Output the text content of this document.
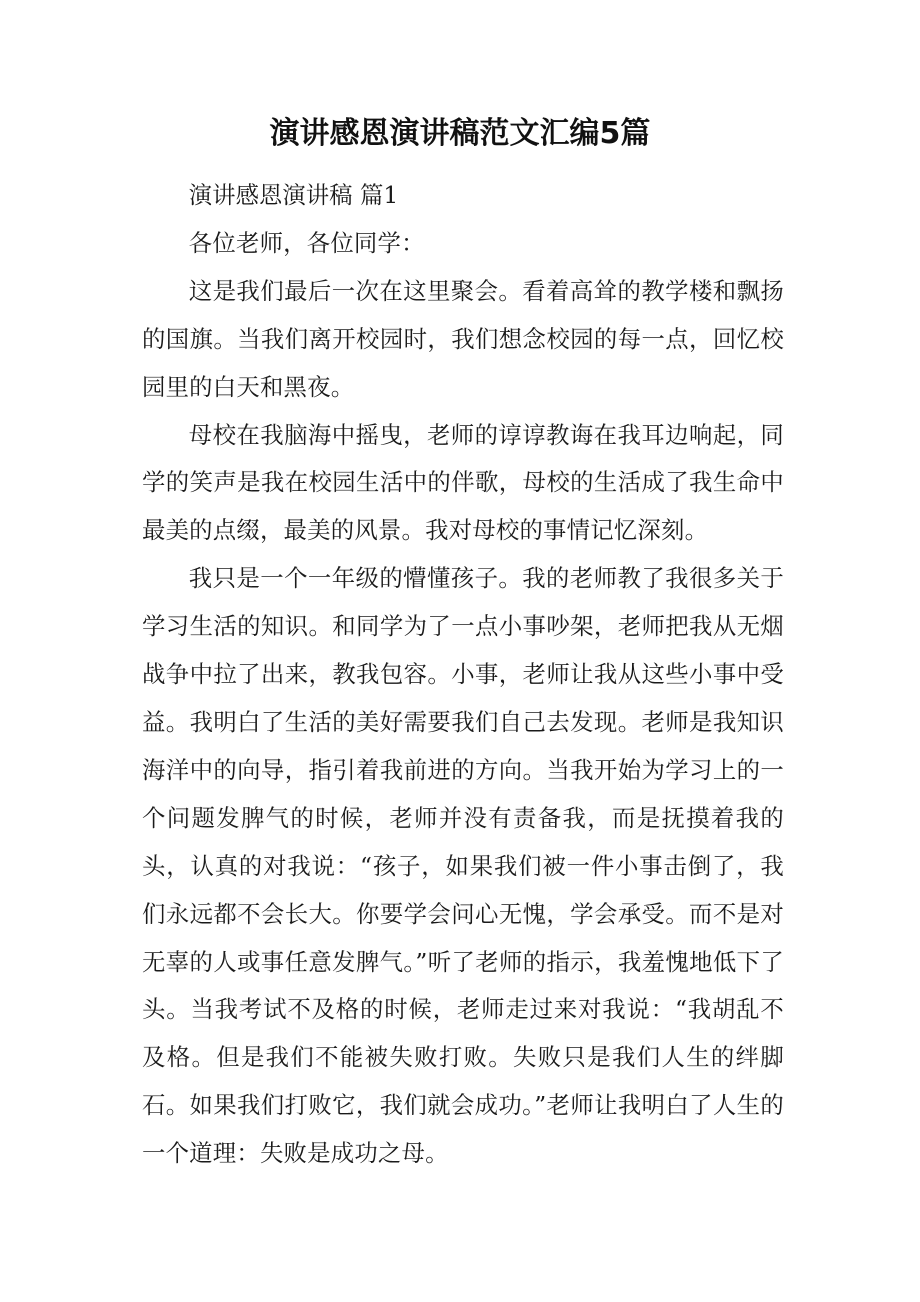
演讲感恩演讲稿范文汇编5篇

演讲感恩演讲稿 篇1

各位老师，各位同学：

这是我们最后一次在这里聚会。看着高耸的教学楼和飘扬的国旗。当我们离开校园时，我们想念校园的每一点，回忆校园里的白天和黑夜。

母校在我脑海中摇曳，老师的谆谆教诲在我耳边响起，同学的笑声是我在校园生活中的伴歌，母校的生活成了我生命中最美的点缀，最美的风景。我对母校的事情记忆深刻。

我只是一个一年级的懵懂孩子。我的老师教了我很多关于学习生活的知识。和同学为了一点小事吵架，老师把我从无烟战争中拉了出来，教我包容。小事，老师让我从这些小事中受益。我明白了生活的美好需要我们自己去发现。老师是我知识海洋中的向导，指引着我前进的方向。当我开始为学习上的一个问题发脾气的时候，老师并没有责备我，而是抚摸着我的头，认真的对我说：“孩子，如果我们被一件小事击倒了，我们永远都不会长大。你要学会问心无愧，学会承受。而不是对无辜的人或事任意发脾气。”听了老师的指示，我羞愧地低下了头。当我考试不及格的时候，老师走过来对我说：“我胡乱不及格。但是我们不能被失败打败。失败只是我们人生的绊脚石。如果我们打败它，我们就会成功。”老师让我明白了人生的一个道理：失败是成功之母。
